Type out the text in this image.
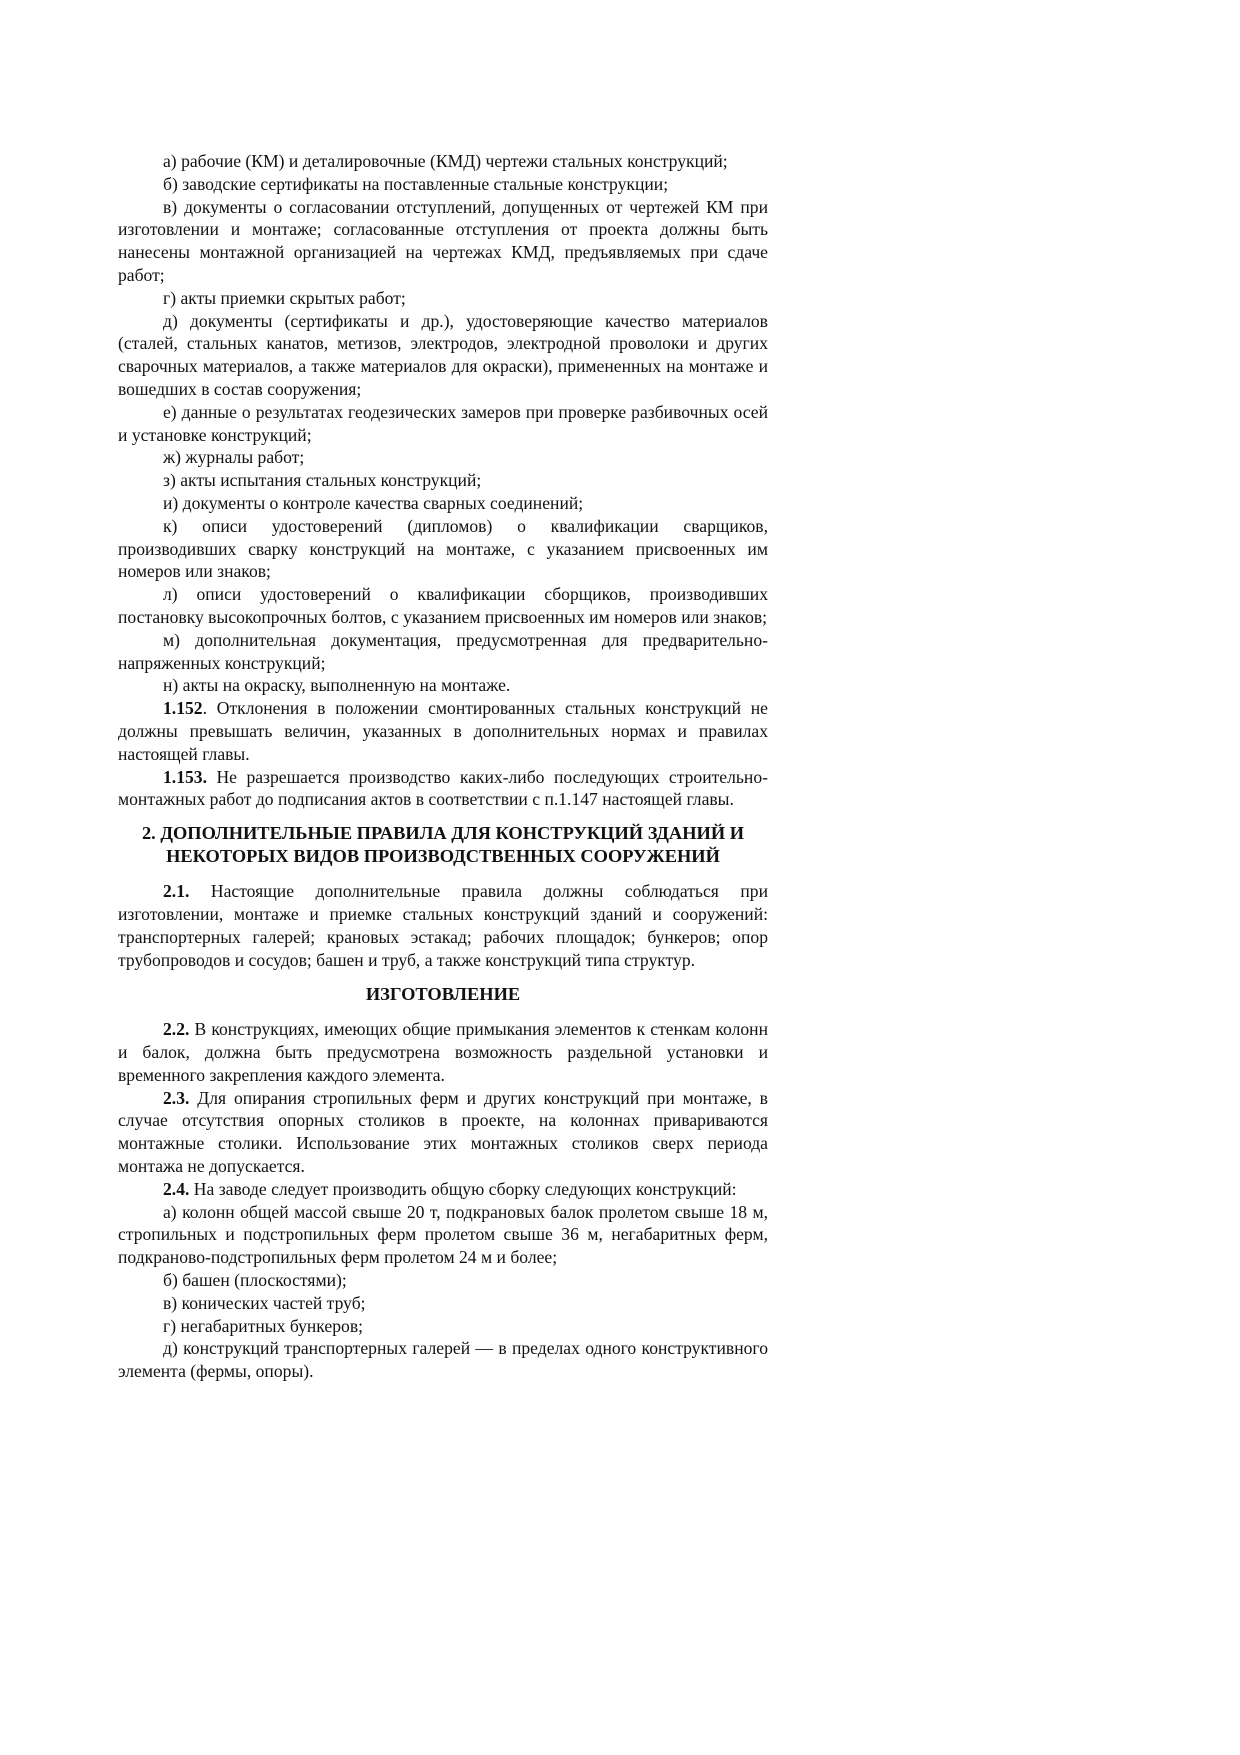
а) рабочие (КМ) и деталировочные (КМД) чертежи стальных конструкций;

б) заводские сертификаты на поставленные стальные конструкции;

в) документы о согласовании отступлений, допущенных от чертежей КМ при изготовлении и монтаже; согласованные отступления от проекта должны быть нанесены монтажной организацией на чертежах КМД, предъявляемых при сдаче работ;

г) акты приемки скрытых работ;

д) документы (сертификаты и др.), удостоверяющие качество материалов (сталей, стальных канатов, метизов, электродов, электродной проволоки и других сварочных материалов, а также материалов для окраски), примененных на монтаже и вошедших в состав сооружения;

е) данные о результатах геодезических замеров при проверке разбивочных осей и установке конструкций;

ж) журналы работ;

з) акты испытания стальных конструкций;

и) документы о контроле качества сварных соединений;

к) описи удостоверений (дипломов) о квалификации сварщиков, производивших сварку конструкций на монтаже, с указанием присвоенных им номеров или знаков;

л) описи удостоверений о квалификации сборщиков, производивших постановку высокопрочных болтов, с указанием присвоенных им номеров или знаков;

м) дополнительная документация, предусмотренная для предварительно-напряженных конструкций;

н) акты на окраску, выполненную на монтаже.

1.152. Отклонения в положении смонтированных стальных конструкций не должны превышать величин, указанных в дополнительных нормах и правилах настоящей главы.

1.153. Не разрешается производство каких-либо последующих строительно-монтажных работ до подписания актов в соответствии с п.1.147 настоящей главы.

2. ДОПОЛНИТЕЛЬНЫЕ ПРАВИЛА ДЛЯ КОНСТРУКЦИЙ ЗДАНИЙ И НЕКОТОРЫХ ВИДОВ ПРОИЗВОДСТВЕННЫХ СООРУЖЕНИЙ

2.1. Настоящие дополнительные правила должны соблюдаться при изготовлении, монтаже и приемке стальных конструкций зданий и сооружений: транспортерных галерей; крановых эстакад; рабочих площадок; бункеров; опор трубопроводов и сосудов; башен и труб, а также конструкций типа структур.

ИЗГОТОВЛЕНИЕ

2.2. В конструкциях, имеющих общие примыкания элементов к стенкам колонн и балок, должна быть предусмотрена возможность раздельной установки и временного закрепления каждого элемента.

2.3. Для опирания стропильных ферм и других конструкций при монтаже, в случае отсутствия опорных столиков в проекте, на колоннах привариваются монтажные столики. Использование этих монтажных столиков сверх периода монтажа не допускается.

2.4. На заводе следует производить общую сборку следующих конструкций:

а) колонн общей массой свыше 20 т, подкрановых балок пролетом свыше 18 м, стропильных и подстропильных ферм пролетом свыше 36 м, негабаритных ферм, подкраново-подстропильных ферм пролетом 24 м и более;

б) башен (плоскостями);

в) конических частей труб;

г) негабаритных бункеров;

д) конструкций транспортерных галерей — в пределах одного конструктивного элемента (фермы, опоры).
